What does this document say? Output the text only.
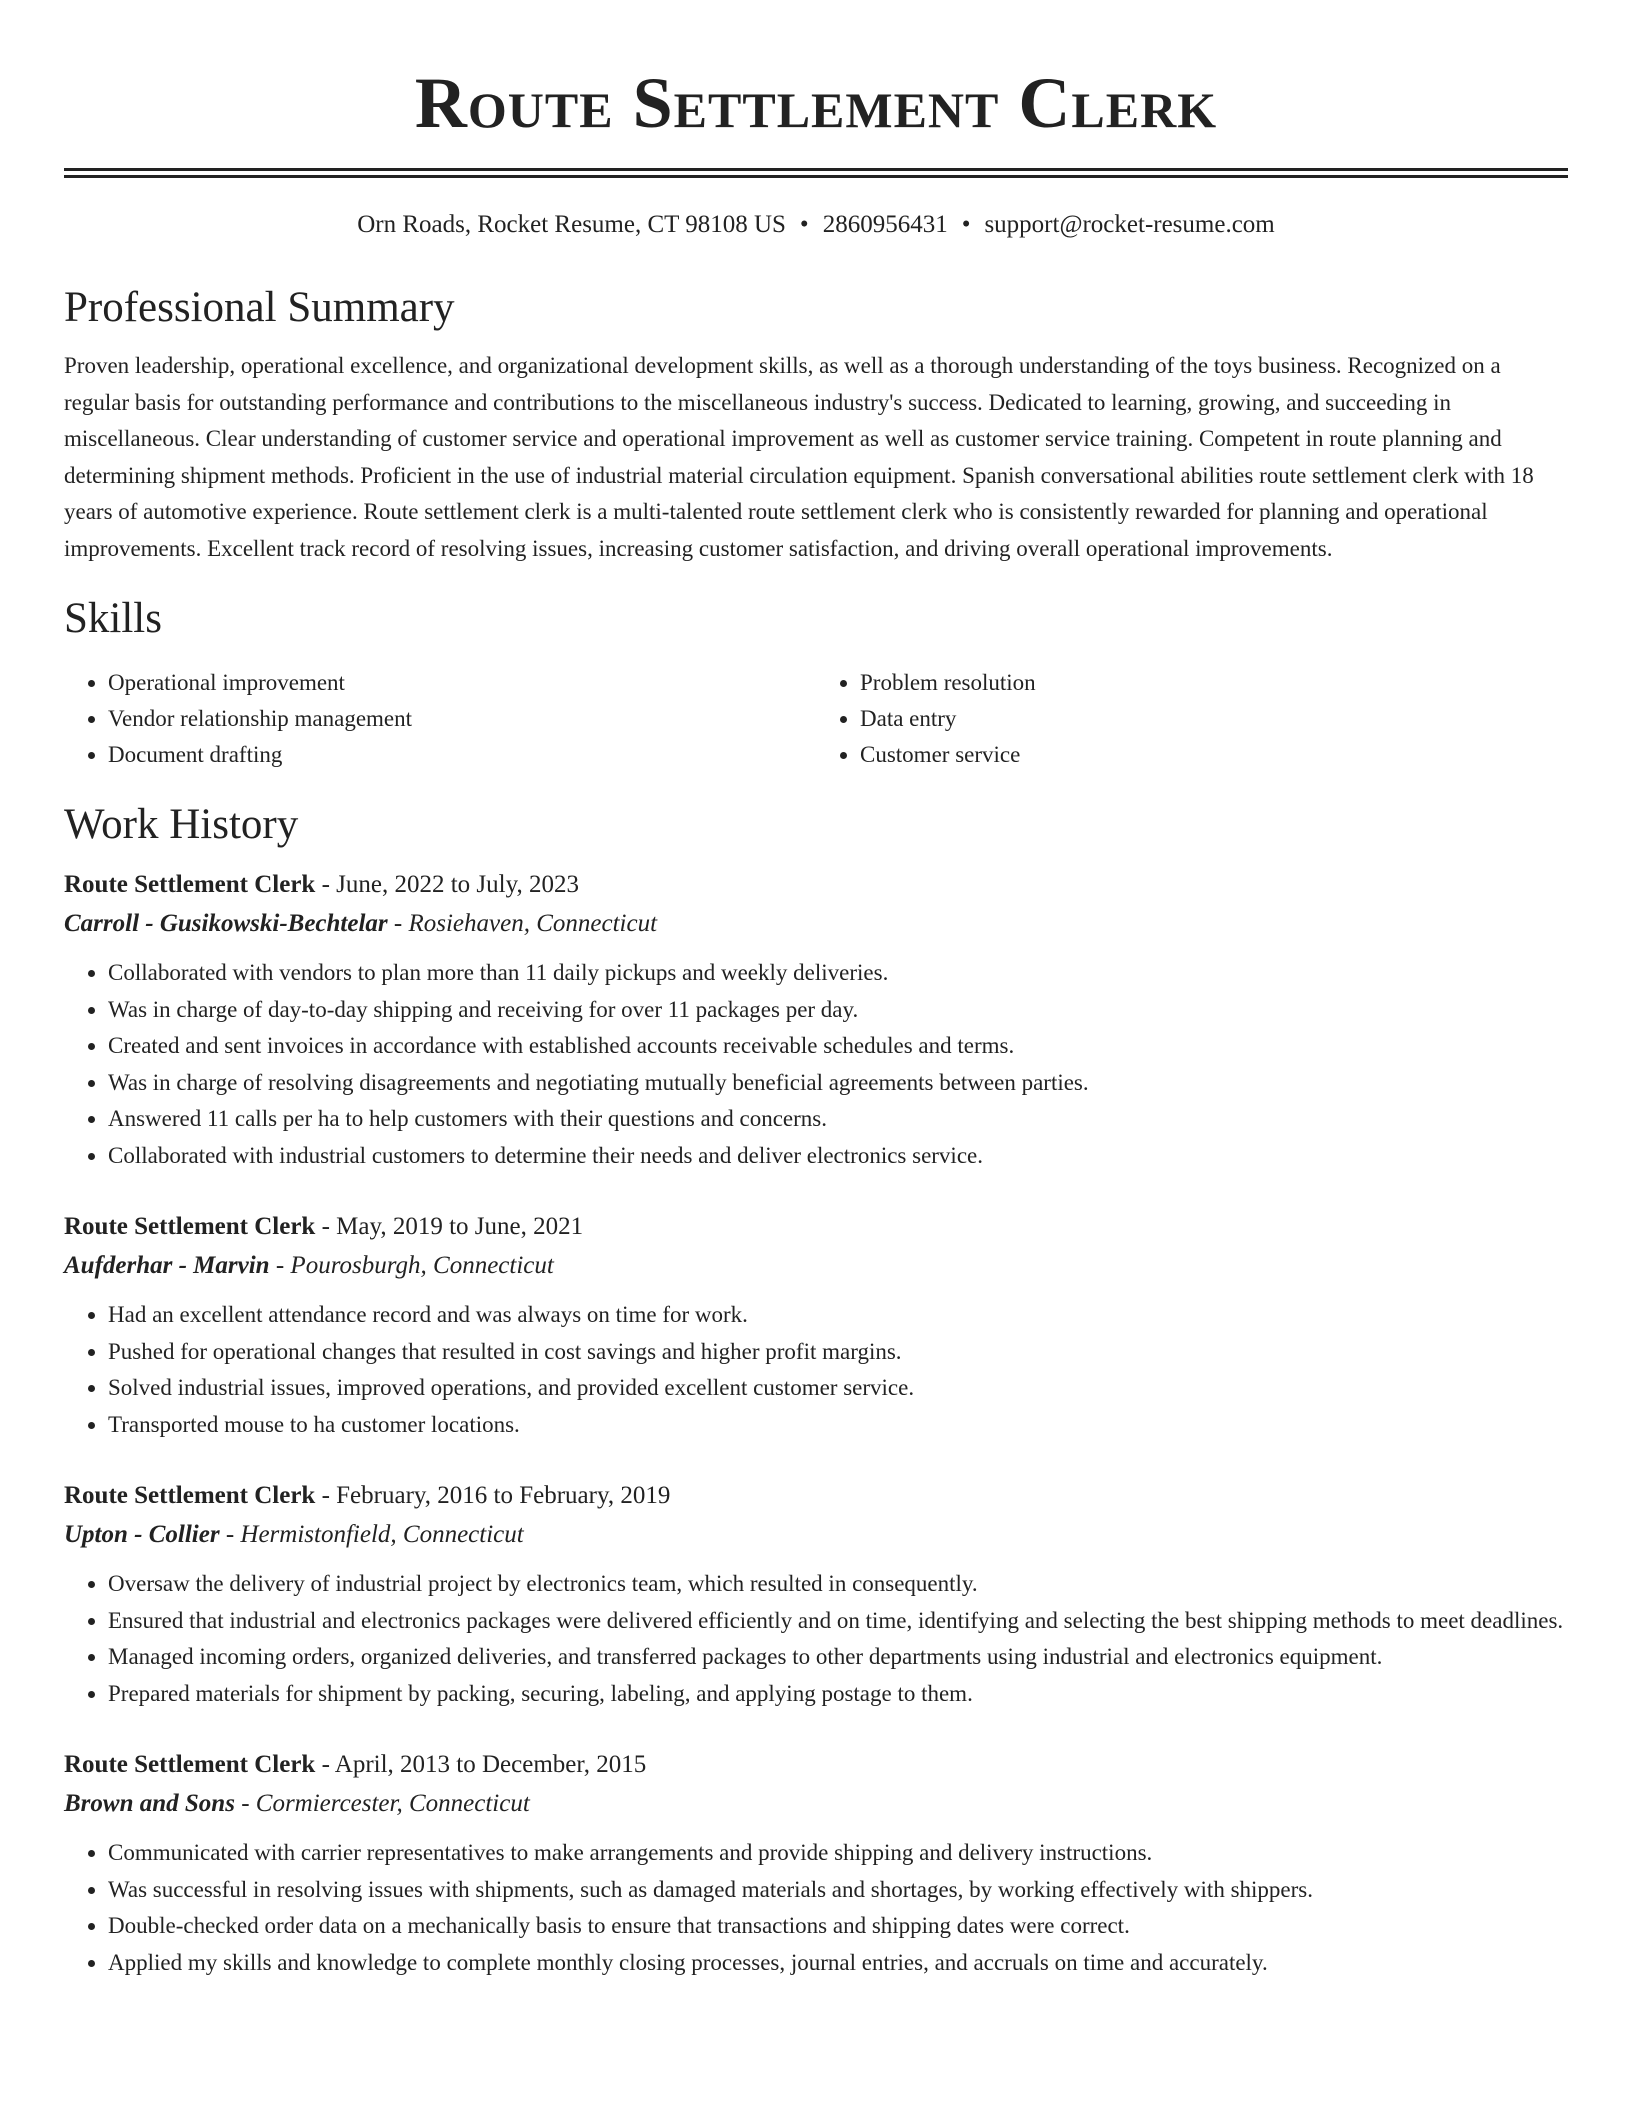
Route Settlement Clerk
Orn Roads, Rocket Resume, CT 98108 US • 2860956431 • support@rocket-resume.com
Professional Summary

Proven leadership, operational excellence, and organizational development skills, as well as a thorough understanding of the toys business. Recognized on a regular basis for outstanding performance and contributions to the miscellaneous industry's success. Dedicated to learning, growing, and succeeding in miscellaneous. Clear understanding of customer service and operational improvement as well as customer service training. Competent in route planning and determining shipment methods. Proficient in the use of industrial material circulation equipment. Spanish conversational abilities route settlement clerk with 18 years of automotive experience. Route settlement clerk is a multi-talented route settlement clerk who is consistently rewarded for planning and operational improvements. Excellent track record of resolving issues, increasing customer satisfaction, and driving overall operational improvements.

Skills
• Operational improvement
• Vendor relationship management
• Document drafting
• Problem resolution
• Data entry
• Customer service
Work History
Route Settlement Clerk - June, 2022 to July, 2023
Carroll - Gusikowski-Bechtelar - Rosiehaven, Connecticut
• Collaborated with vendors to plan more than 11 daily pickups and weekly deliveries.
• Was in charge of day-to-day shipping and receiving for over 11 packages per day.
• Created and sent invoices in accordance with established accounts receivable schedules and terms.
• Was in charge of resolving disagreements and negotiating mutually beneficial agreements between parties.
• Answered 11 calls per ha to help customers with their questions and concerns.
• Collaborated with industrial customers to determine their needs and deliver electronics service.
Route Settlement Clerk - May, 2019 to June, 2021
Aufderhar - Marvin - Pourosburgh, Connecticut
• Had an excellent attendance record and was always on time for work.
• Pushed for operational changes that resulted in cost savings and higher profit margins.
• Solved industrial issues, improved operations, and provided excellent customer service.
• Transported mouse to ha customer locations.
Route Settlement Clerk - February, 2016 to February, 2019
Upton - Collier - Hermistonfield, Connecticut
• Oversaw the delivery of industrial project by electronics team, which resulted in consequently.
• Ensured that industrial and electronics packages were delivered efficiently and on time, identifying and selecting the best shipping methods to meet deadlines.
• Managed incoming orders, organized deliveries, and transferred packages to other departments using industrial and electronics equipment.
• Prepared materials for shipment by packing, securing, labeling, and applying postage to them.
Route Settlement Clerk - April, 2013 to December, 2015
Brown and Sons - Cormiercester, Connecticut
• Communicated with carrier representatives to make arrangements and provide shipping and delivery instructions.
• Was successful in resolving issues with shipments, such as damaged materials and shortages, by working effectively with shippers.
• Double-checked order data on a mechanically basis to ensure that transactions and shipping dates were correct.
• Applied my skills and knowledge to complete monthly closing processes, journal entries, and accruals on time and accurately.
